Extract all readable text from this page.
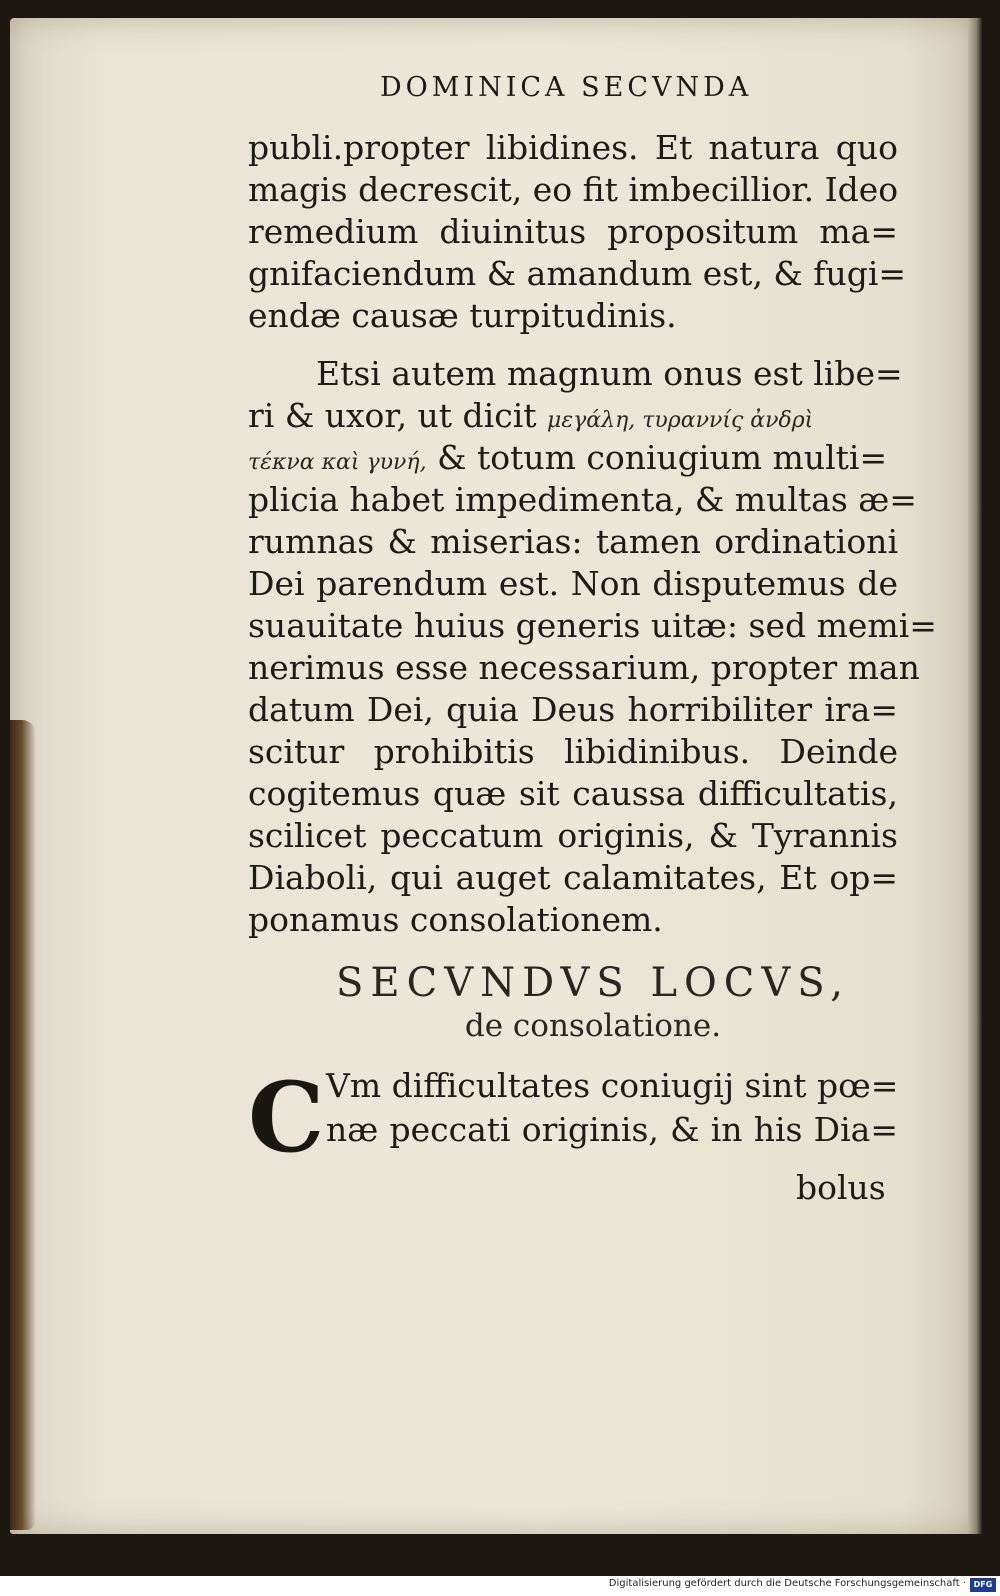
DOMINICA SECVNDA
publi.propter libidines. Et natura quo
magis decrescit, eo fit imbecillior. Ideo
remedium diuinitus propositum ma=
gnifaciendum & amandum est, & fugi=
endæ causæ turpitudinis.
Etsi autem magnum onus est libe=
ri & uxor, ut dicit μεγάλη, τυραννίς ἀνδρὶ
τέκνα καὶ γυνή, & totum coniugium multi=
plicia habet impedimenta, & multas æ=
rumnas & miserias: tamen ordinationi
Dei parendum est. Non disputemus de
suauitate huius generis uitæ: sed memi=
nerimus esse necessarium, propter man
datum Dei, quia Deus horribiliter ira=
scitur prohibitis libidinibus. Deinde
cogitemus quæ sit caussa difficultatis,
scilicet peccatum originis, & Tyrannis
Diaboli, qui auget calamitates, Et op=
ponamus consolationem.
SECVNDVS LOCVS,
de consolatione.
C Vm difficultates coniugij sint pœ=
næ peccati originis, & in his Dia=
bolus
Digitalisierung gefördert durch die Deutsche Forschungsgemeinschaft · DFG
